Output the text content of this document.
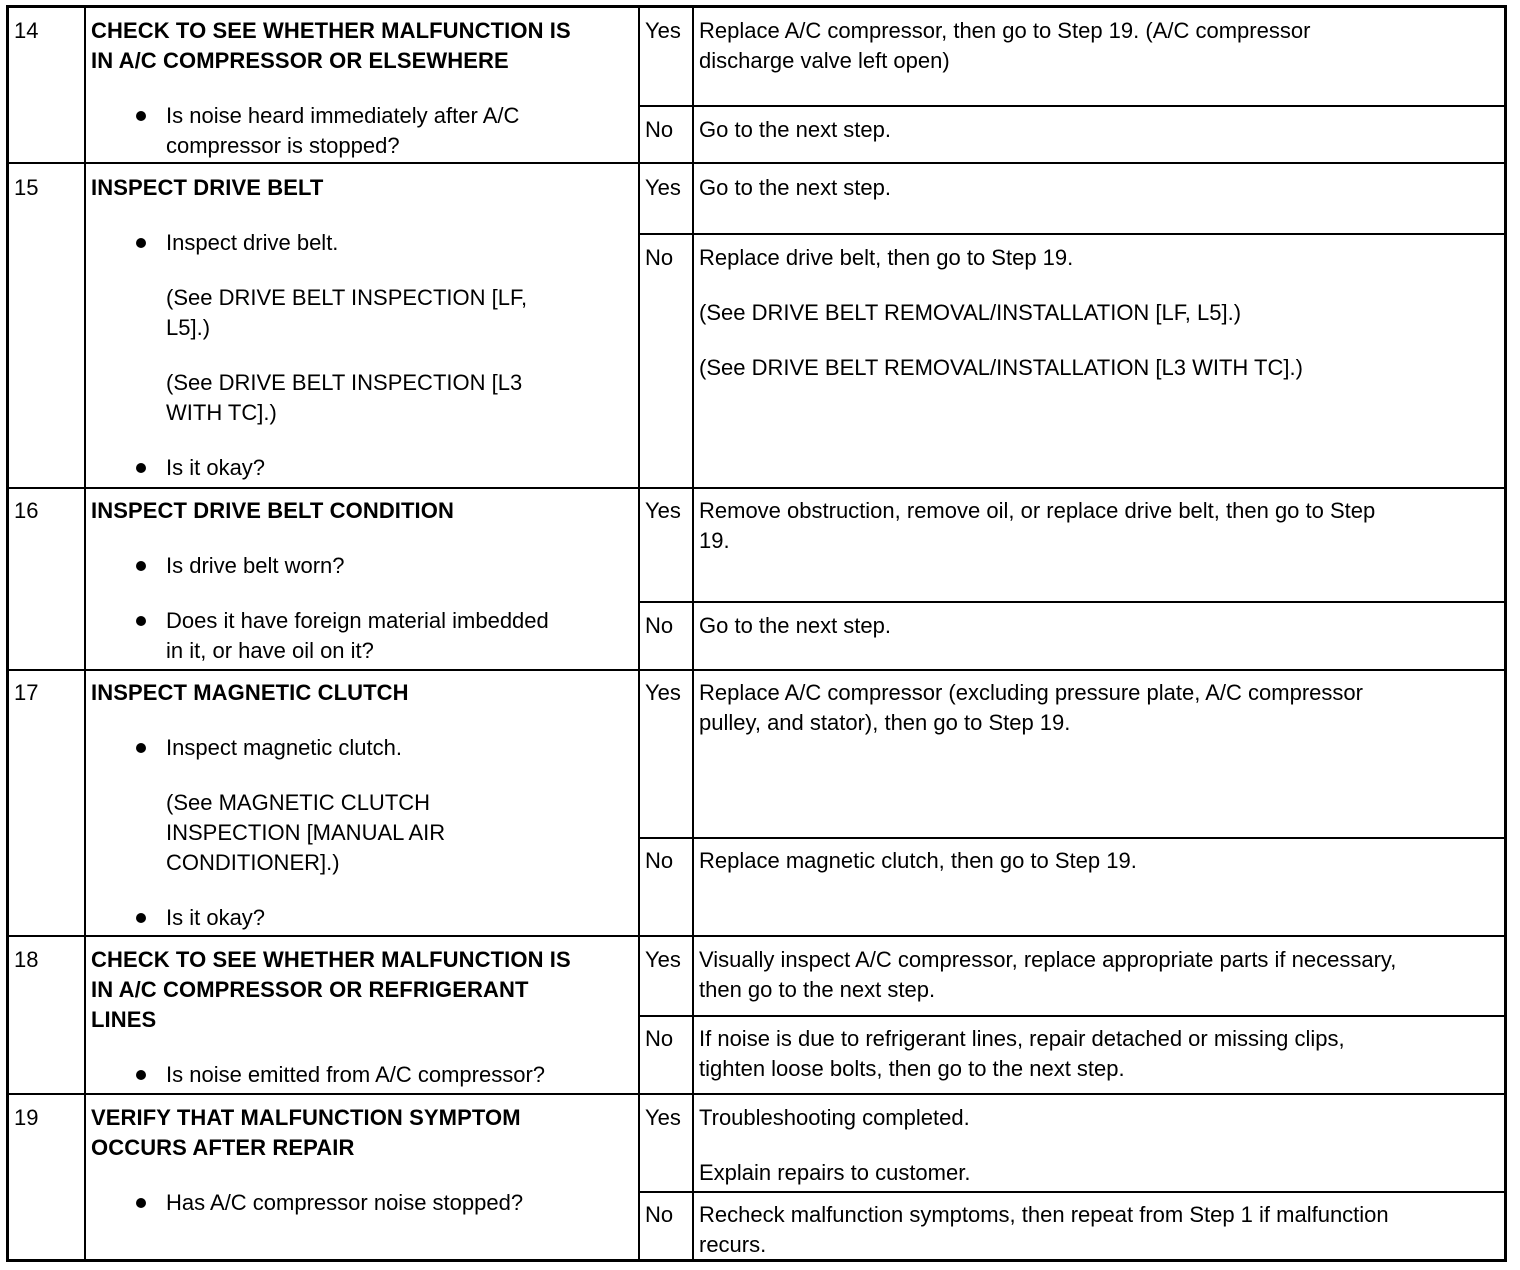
14 CHECK TO SEE WHETHER MALFUNCTION IS
IN A/C COMPRESSOR OR ELSEWHERE
Is noise heard immediately after A/C
compressor is stopped?
Yes Replace A/C compressor, then go to Step 19. (A/C compressor
discharge valve left open)
No Go to the next step.
15 INSPECT DRIVE BELT
Inspect drive belt.
(See DRIVE BELT INSPECTION [LF,
L5].)
(See DRIVE BELT INSPECTION [L3
WITH TC].)
Is it okay?
Yes Go to the next step.
No Replace drive belt, then go to Step 19.
(See DRIVE BELT REMOVAL/INSTALLATION [LF, L5].)
(See DRIVE BELT REMOVAL/INSTALLATION [L3 WITH TC].)
16 INSPECT DRIVE BELT CONDITION
Is drive belt worn?
Does it have foreign material imbedded
in it, or have oil on it?
Yes Remove obstruction, remove oil, or replace drive belt, then go to Step
19.
No Go to the next step.
17 INSPECT MAGNETIC CLUTCH
Inspect magnetic clutch.
(See MAGNETIC CLUTCH
INSPECTION [MANUAL AIR
CONDITIONER].)
Is it okay?
Yes Replace A/C compressor (excluding pressure plate, A/C compressor
pulley, and stator), then go to Step 19.
No Replace magnetic clutch, then go to Step 19.
18 CHECK TO SEE WHETHER MALFUNCTION IS
IN A/C COMPRESSOR OR REFRIGERANT
LINES
Is noise emitted from A/C compressor?
Yes Visually inspect A/C compressor, replace appropriate parts if necessary,
then go to the next step.
No If noise is due to refrigerant lines, repair detached or missing clips,
tighten loose bolts, then go to the next step.
19 VERIFY THAT MALFUNCTION SYMPTOM
OCCURS AFTER REPAIR
Has A/C compressor noise stopped?
Yes Troubleshooting completed.
Explain repairs to customer.
No Recheck malfunction symptoms, then repeat from Step 1 if malfunction
recurs.
